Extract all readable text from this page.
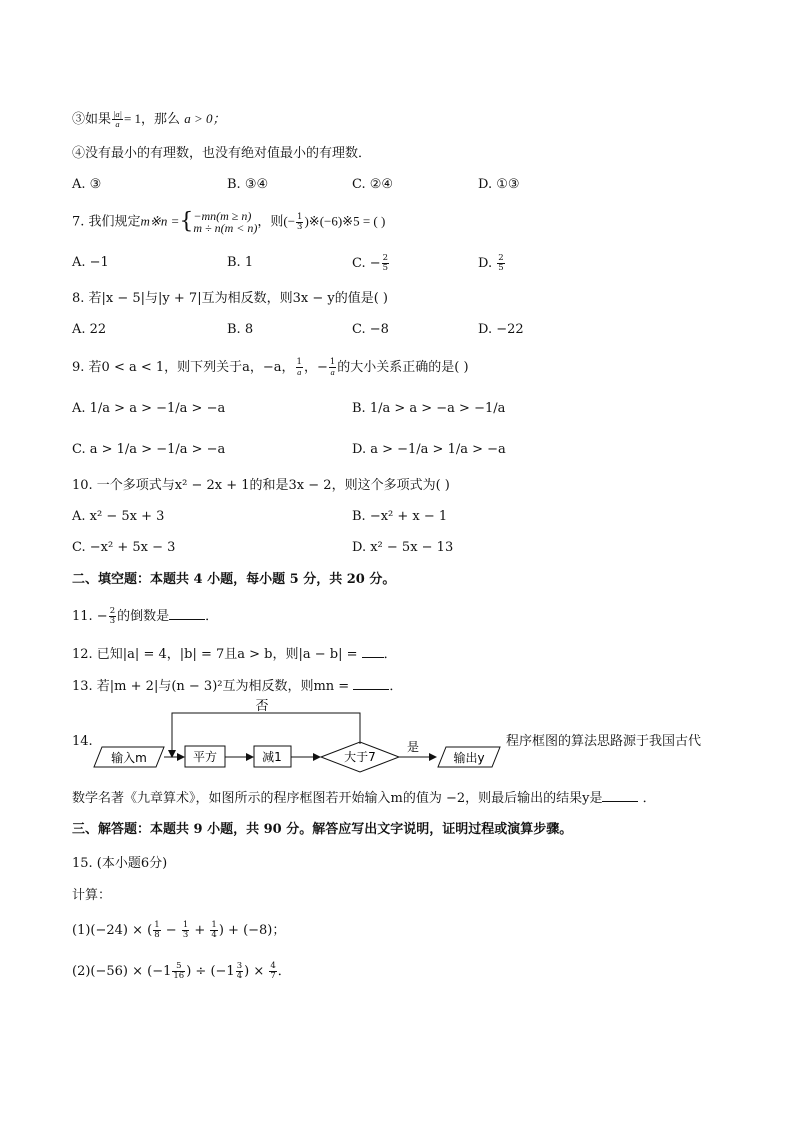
③如果 $\frac{|a|}{a} = 1$，那么 a > 0；
④没有最小的有理数，也没有绝对值最小的有理数．
A. ③	B. ③④	C. ②④	D. ①③
7. 我们规定m※n ={ −mn(m ≥ n)
m ÷ n(m < n) ，则(− $\frac{1}{3}$ )※(−6)※5 = ( )
A. −1	B. 1	C. − $\frac{2}{5}$	D. $\frac{2}{5}$
8. 若|x − 5|与|y + 7|互为相反数，则3x − y的值是( )
A. 22	B. 8	C. −8	D. −22
9. 若0 < a < 1，则下列关于a，−a， $\frac{1}{a}$ ，− $\frac{1}{a}$ 的大小关系正确的是( )
A. 1/a > a > −1/a > −a	B. 1/a > a > −a > −1/a
C. a > 1/a > −1/a > −a	D. a > −1/a > 1/a > −a
10. 一个多项式与x² − 2x + 1的和是3x − 2，则这个多项式为( )
A. x² − 5x + 3	B. −x² + x − 1
C. −x² + 5x − 3	D. x² − 5x − 13
二、填空题：本题共 4 小题，每小题 5 分，共 20 分。
11. − $\frac{2}{3}$ 的倒数是	．
12. 已知|a| = 4，|b| = 7且a > b，则|a − b| = ．
13. 若|m + 2|与(n − 3)²互为相反数，则mn =	．
14.
否
输入m	平方	减1	大于7
是
输出y
程序框图的算法思路源于我国古代
数学名著《九章算术》，如图所示的程序框图若开始输入m的值为 −2，则最后输出的结果y是	．
三、解答题：本题共 9 小题，共 90 分。解答应写出文字说明，证明过程或演算步骤。
15. (本小题6分)
计算：
(1)(−24) × ( $\frac{1}{8} - \frac{1}{3} + \frac{1}{4}$ ) + (−8)；
$(2)(-56) \times (-1 \frac{5}{16}$ ) ÷ ($-1 \frac{3}{4}$ ) × $\frac{4}{7}$ ．
